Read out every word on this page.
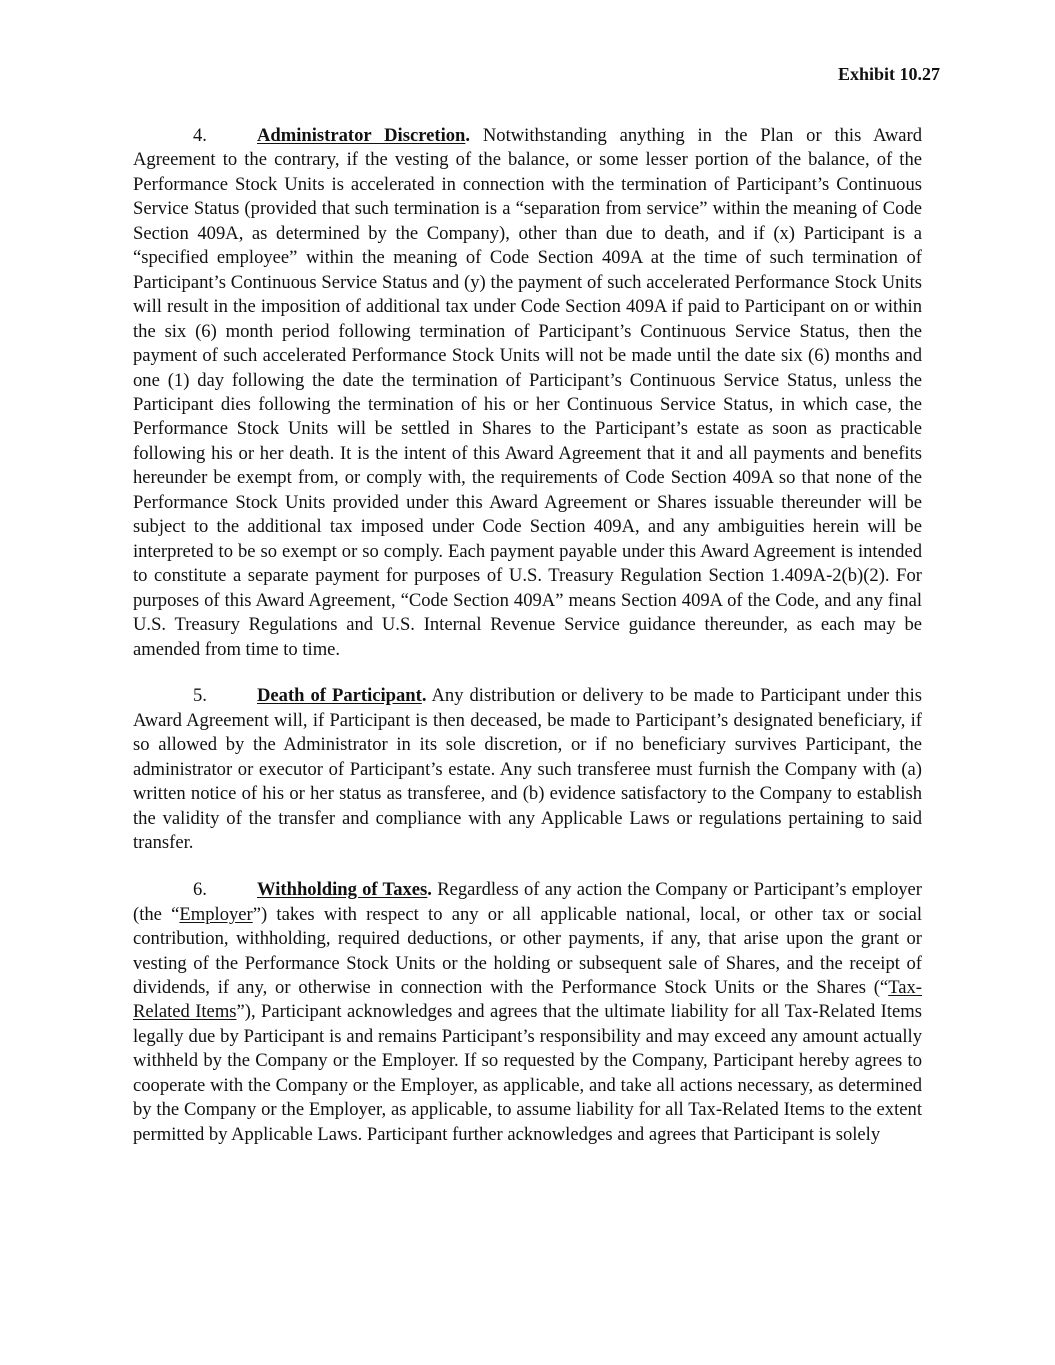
Exhibit 10.27

4.	Administrator Discretion. Notwithstanding anything in the Plan or this Award Agreement to the contrary, if the vesting of the balance, or some lesser portion of the balance, of the Performance Stock Units is accelerated in connection with the termination of Participant’s Continuous Service Status (provided that such termination is a “separation from service” within the meaning of Code Section 409A, as determined by the Company), other than due to death, and if (x) Participant is a “specified employee” within the meaning of Code Section 409A at the time of such termination of Participant’s Continuous Service Status and (y) the payment of such accelerated Performance Stock Units will result in the imposition of additional tax under Code Section 409A if paid to Participant on or within the six (6) month period following termination of Participant’s Continuous Service Status, then the payment of such accelerated Performance Stock Units will not be made until the date six (6) months and one (1) day following the date the termination of Participant’s Continuous Service Status, unless the Participant dies following the termination of his or her Continuous Service Status, in which case, the Performance Stock Units will be settled in Shares to the Participant’s estate as soon as practicable following his or her death. It is the intent of this Award Agreement that it and all payments and benefits hereunder be exempt from, or comply with, the requirements of Code Section 409A so that none of the Performance Stock Units provided under this Award Agreement or Shares issuable thereunder will be subject to the additional tax imposed under Code Section 409A, and any ambiguities herein will be interpreted to be so exempt or so comply. Each payment payable under this Award Agreement is intended to constitute a separate payment for purposes of U.S. Treasury Regulation Section 1.409A-2(b)(2). For purposes of this Award Agreement, “Code Section 409A” means Section 409A of the Code, and any final U.S. Treasury Regulations and U.S. Internal Revenue Service guidance thereunder, as each may be amended from time to time.

5.	Death of Participant. Any distribution or delivery to be made to Participant under this Award Agreement will, if Participant is then deceased, be made to Participant’s designated beneficiary, if so allowed by the Administrator in its sole discretion, or if no beneficiary survives Participant, the administrator or executor of Participant’s estate. Any such transferee must furnish the Company with (a) written notice of his or her status as transferee, and (b) evidence satisfactory to the Company to establish the validity of the transfer and compliance with any Applicable Laws or regulations pertaining to said transfer.

6.	Withholding of Taxes. Regardless of any action the Company or Participant’s employer (the “Employer”) takes with respect to any or all applicable national, local, or other tax or social contribution, withholding, required deductions, or other payments, if any, that arise upon the grant or vesting of the Performance Stock Units or the holding or subsequent sale of Shares, and the receipt of dividends, if any, or otherwise in connection with the Performance Stock Units or the Shares (“Tax-Related Items”), Participant acknowledges and agrees that the ultimate liability for all Tax-Related Items legally due by Participant is and remains Participant’s responsibility and may exceed any amount actually withheld by the Company or the Employer. If so requested by the Company, Participant hereby agrees to cooperate with the Company or the Employer, as applicable, and take all actions necessary, as determined by the Company or the Employer, as applicable, to assume liability for all Tax-Related Items to the extent permitted by Applicable Laws. Participant further acknowledges and agrees that Participant is solely
